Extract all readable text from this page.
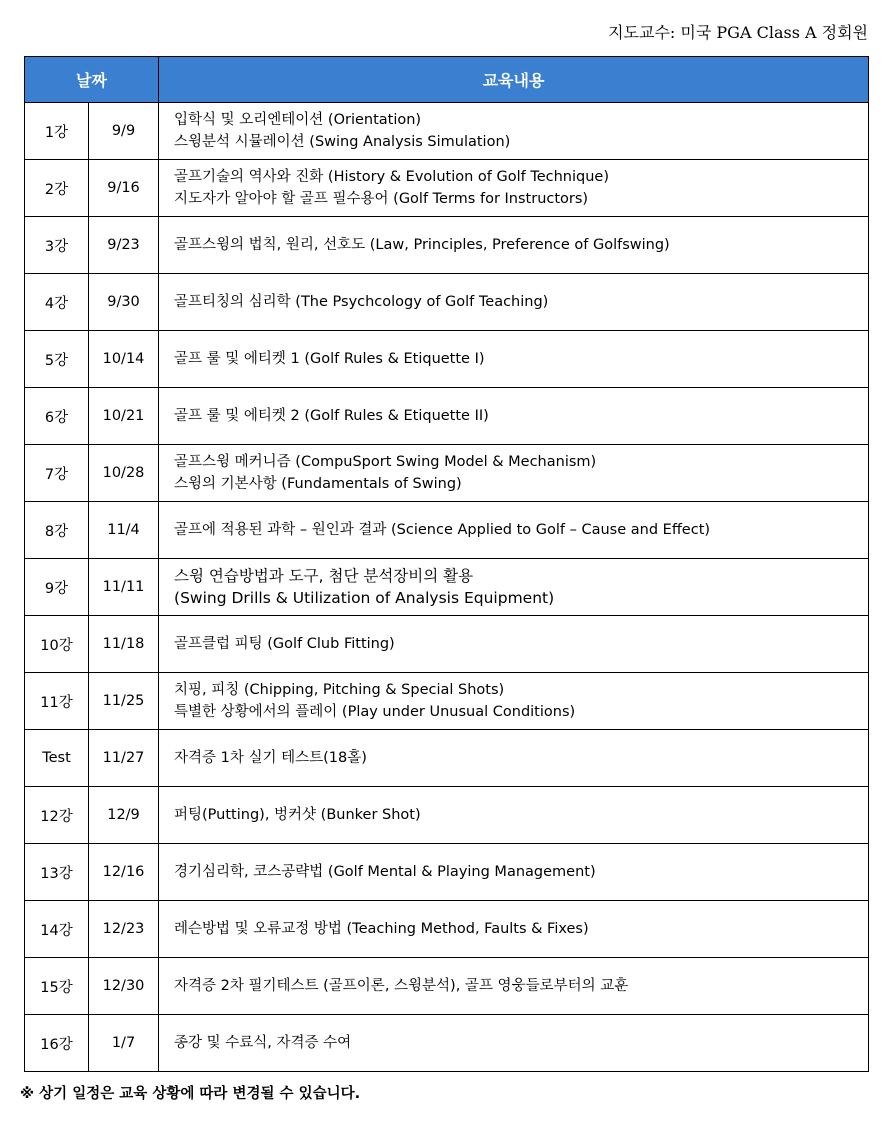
지도교수: 미국 PGA Class A 정회원
날짜		교육내용
1강	9/9	입학식 및 오리엔테이션 (Orientation)
스윙분석 시뮬레이션 (Swing Analysis Simulation)

2강	9/16	골프기술의 역사와 진화 (History & Evolution of Golf Technique)
지도자가 알아야 할 골프 필수용어 (Golf Terms for Instructors)

3강	9/23	골프스윙의 법칙, 원리, 선호도 (Law, Principles, Preference of Golfswing)

4강	9/30	골프티칭의 심리학 (The Psychcology of Golf Teaching)

5강	10/14	골프 룰 및 에티켓 1 (Golf Rules & Etiquette I)

6강	10/21	골프 룰 및 에티켓 2 (Golf Rules & Etiquette II)

7강	10/28	골프스윙 메커니즘 (CompuSport Swing Model & Mechanism)
스윙의 기본사항 (Fundamentals of Swing)

8강	11/4	골프에 적용된 과학 – 원인과 결과 (Science Applied to Golf – Cause and Effect)

9강	11/11	스윙 연습방법과 도구, 첨단 분석장비의 활용
(Swing Drills & Utilization of Analysis Equipment)

10강	11/18	골프클럽 피팅 (Golf Club Fitting)

11강	11/25	치핑, 피칭 (Chipping, Pitching & Special Shots)
특별한 상황에서의 플레이 (Play under Unusual Conditions)

Test	11/27	자격증 1차 실기 테스트(18홀)

12강	12/9	퍼팅(Putting), 벙커샷 (Bunker Shot)

13강	12/16	경기심리학, 코스공략법 (Golf Mental & Playing Management)

14강	12/23	레슨방법 및 오류교정 방법 (Teaching Method, Faults & Fixes)

15강	12/30	자격증 2차 필기테스트 (골프이론, 스윙분석), 골프 영웅들로부터의 교훈

16강	1/7	종강 및 수료식, 자격증 수여
※ 상기 일정은 교육 상황에 따라 변경될 수 있습니다.
